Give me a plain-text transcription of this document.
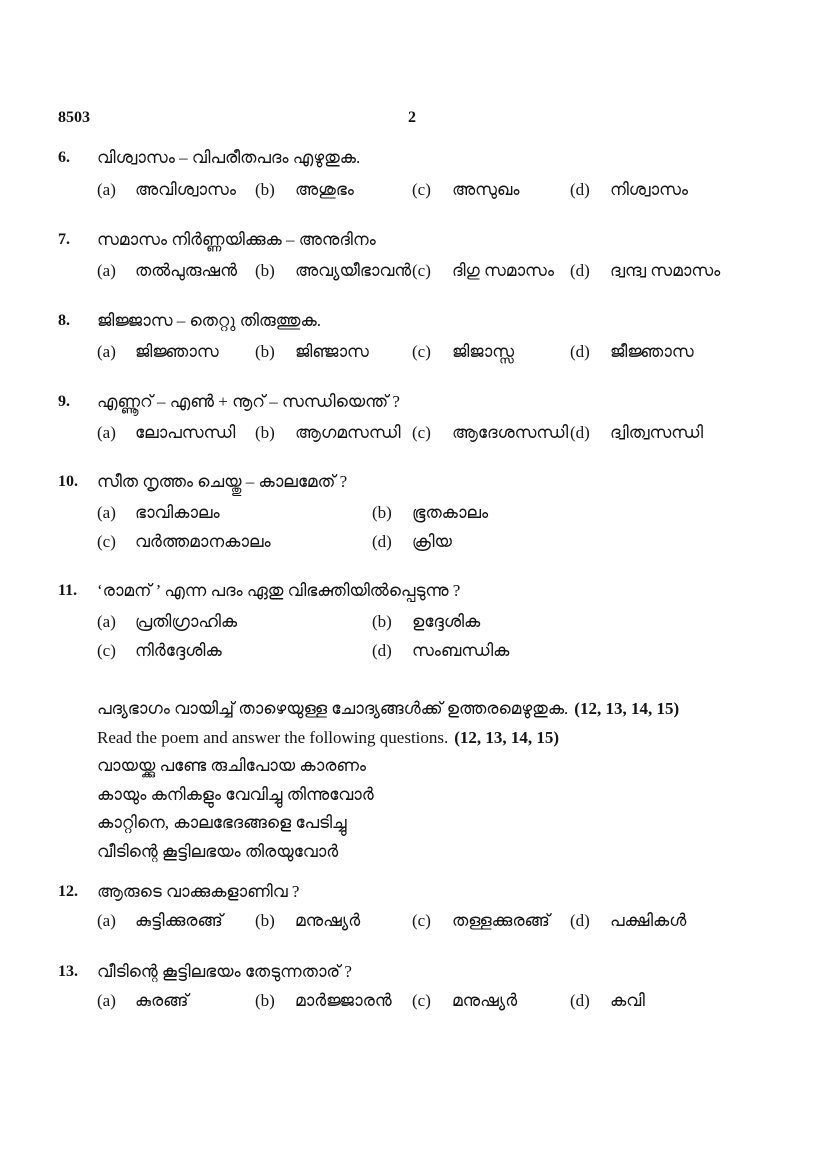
8503	2
6.	വിശ്വാസം – വിപരീതപദം എഴുതുക.
(a)	അവിശ്വാസം (b)	അശുഭം	(c)	അസുഖം	(d)	നിശ്വാസം
7.	സമാസം നിർണ്ണയിക്കുക – അനുദിനം
(a)	തൽപുരുഷൻ (b)	അവ്യയീഭാവൻ (c)	ദിഗു സമാസം (d)	ദ്വന്ദ്വ സമാസം
8.	ജിജ്ജാസ – തെറ്റു തിരുത്തുക.
(a)	ജിജ്ഞാസ (b)	ജിഞ്ജാസ	(c)	ജിജാസ്സ	(d)	ജീജ്ഞാസ
9.	എണ്ണൂറ് – എൺ + നൂറ് – സന്ധിയെന്ത് ?
(a)	ലോപസന്ധി (b)	ആഗമസന്ധി (c)	ആദേശസന്ധി (d)	ദ്വിത്വസന്ധി
10.	സീത നൃത്തം ചെയ്തു – കാലമേത് ?
(a)	ഭാവികാലം	(b)	ഭൂതകാലം
(c)	വർത്തമാനകാലം	(d)	ക്രിയ
11.	‘രാമന് ’ എന്ന പദം ഏതു വിഭക്തിയിൽപ്പെടുന്നു ?
(a)	പ്രതിഗ്രാഹിക	(b)	ഉദ്ദേശിക
(c)	നിർദ്ദേശിക	(d)	സംബന്ധിക
പദ്യഭാഗം വായിച്ച് താഴെയുള്ള ചോദ്യങ്ങൾക്ക് ഉത്തരമെഴുതുക. (12, 13, 14, 15)
Read the poem and answer the following questions. (12, 13, 14, 15)
വായയ്ക്കു പണ്ടേ രുചിപോയ കാരണം
കായും കനികളും വേവിച്ചു തിന്നുവോർ
കാറ്റിനെ, കാലഭേദങ്ങളെ പേടിച്ചു
വീടിന്റെ കൂട്ടിലഭയം തിരയുവോർ
12.	ആരുടെ വാക്കുകളാണിവ ?
(a)	കുട്ടിക്കുരങ്ങ് (b)	മനുഷ്യർ	(c)	തള്ളക്കുരങ്ങ് (d)	പക്ഷികൾ
13.	വീടിന്റെ കൂട്ടിലഭയം തേടുന്നതാര് ?
(a)	കുരങ്ങ്	(b)	മാർജ്ജാരൻ (c)	മനുഷ്യർ	(d)	കവി
